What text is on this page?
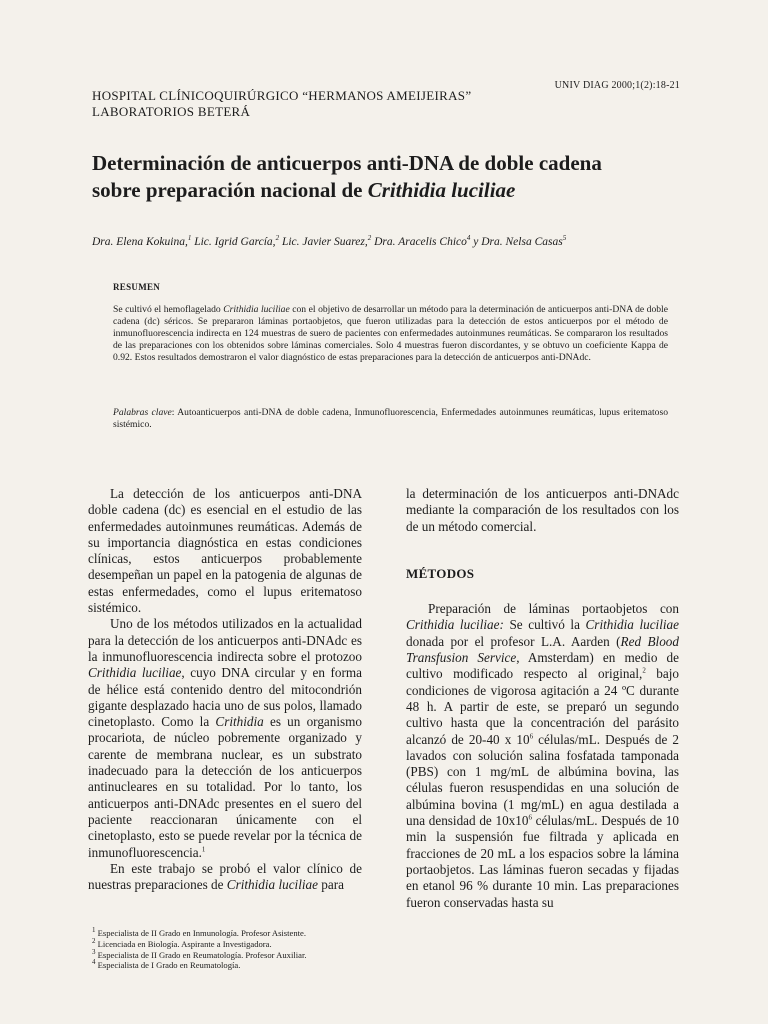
UNIV DIAG 2000;1(2):18-21
HOSPITAL CLÍNICOQUIRÚRGICO “HERMANOS AMEIJEIRAS”
LABORATORIOS BETERÁ
Determinación de anticuerpos anti-DNA de doble cadena
sobre preparación nacional de Crithidia luciliae
Dra. Elena Kokuina,$^1$ Lic. Igrid García,$^2$ Lic. Javier Suarez,$^2$ Dra. Aracelis Chico$^4$ y Dra. Nelsa Casas$^5$
RESUMEN
Se cultivó el hemoflagelado Crithidia luciliae con el objetivo de desarrollar un método para la determinación de anticuerpos anti-DNA de doble cadena (dc) séricos. Se prepararon láminas portaobjetos, que fueron utilizadas para la detección de estos anticuerpos por el método de inmunofluorescencia indirecta en 124 muestras de suero de pacientes con enfermedades autoinmunes reumáticas. Se compararon los resultados de las preparaciones con los obtenidos sobre láminas comerciales. Solo 4 muestras fueron discordantes, y se obtuvo un coeficiente Kappa de 0.92. Estos resultados demostraron el valor diagnóstico de estas preparaciones para la detección de anticuerpos anti-DNAdc.
Palabras clave: Autoanticuerpos anti-DNA de doble cadena, Inmunofluorescencia, Enfermedades autoinmunes reumáticas, lupus eritematoso sistémico.

La detección de los anticuerpos anti-DNA doble cadena (dc) es esencial en el estudio de las enfermedades autoinmunes reumáticas. Además de su importancia diagnóstica en estas condiciones clínicas, estos anticuerpos probablemente desempeñan un papel en la patogenia de algunas de estas enfermedades, como el lupus eritematoso sistémico.

Uno de los métodos utilizados en la actualidad para la detección de los anticuerpos anti-DNAdc es la inmunofluorescencia indirecta sobre el protozoo Crithidia luciliae, cuyo DNA circular y en forma de hélice está contenido dentro del mitocondrión gigante desplazado hacia uno de sus polos, llamado cinetoplasto. Como la Crithidia es un organismo procariota, de núcleo pobremente organizado y carente de membrana nuclear, es un substrato inadecuado para la detección de los anticuerpos antinucleares en su totalidad. Por lo tanto, los anticuerpos anti-DNAdc presentes en el suero del paciente reaccionaran únicamente con el cinetoplasto, esto se puede revelar por la técnica de inmunofluorescencia.$^1$

En este trabajo se probó el valor clínico de nuestras preparaciones de Crithidia luciliae para

la determinación de los anticuerpos anti-DNAdc mediante la comparación de los resultados con los de un método comercial.

MÉTODOS

Preparación de láminas portaobjetos con Crithidia luciliae: Se cultivó la Crithidia luciliae donada por el profesor L.A. Aarden (Red Blood Transfusion Service, Amsterdam) en medio de cultivo modificado respecto al original,$^2$ bajo condiciones de vigorosa agitación a 24 ºC durante 48 h. A partir de este, se preparó un segundo cultivo hasta que la concentración del parásito alcanzó de 20-40 x $10^6$ células/mL. Después de 2 lavados con solución salina fosfatada tamponada (PBS) con 1 mg/mL de albúmina bovina, las células fueron resuspendidas en una solución de albúmina bovina (1 mg/mL) en agua destilada a una densidad de $10x10^6$ células/mL. Después de 10 min la suspensión fue filtrada y aplicada en fracciones de 20 mL a los espacios sobre la lámina portaobjetos. Las láminas fueron secadas y fijadas en etanol 96 % durante 10 min. Las preparaciones fueron conservadas hasta su

$^1$ Especialista de II Grado en Inmunología. Profesor Asistente.
$^2$ Licenciada en Biología. Aspirante a Investigadora.
$^3$ Especialista de II Grado en Reumatología. Profesor Auxiliar.
$^4$ Especialista de I Grado en Reumatología.
